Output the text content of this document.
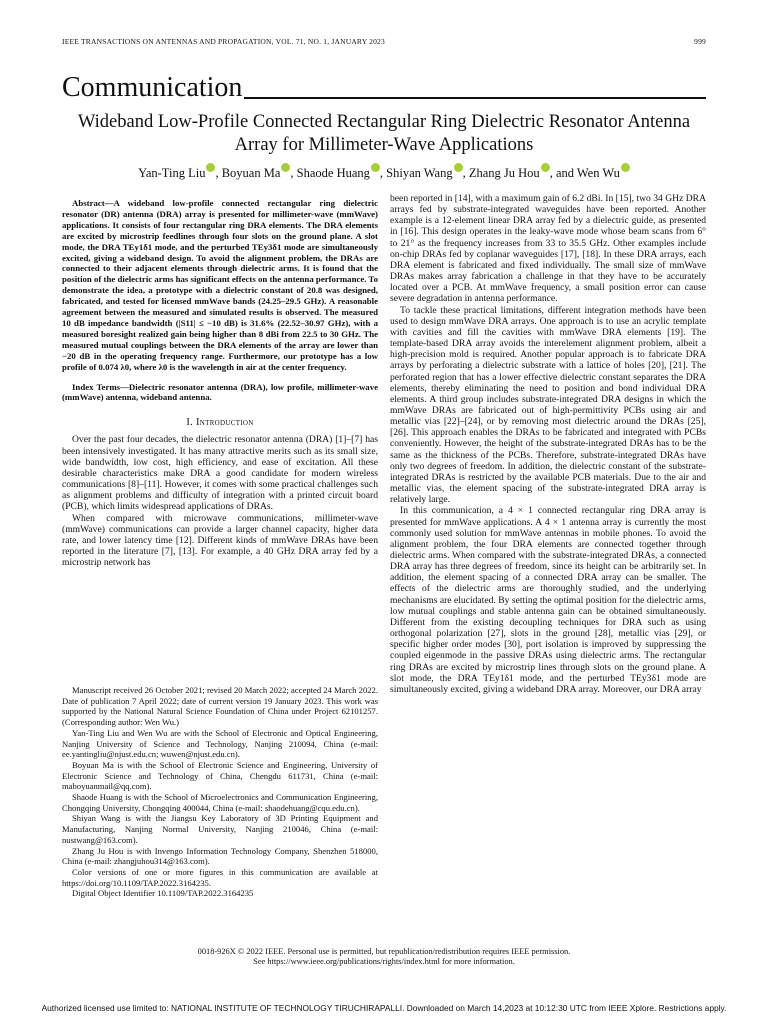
IEEE TRANSACTIONS ON ANTENNAS AND PROPAGATION, VOL. 71, NO. 1, JANUARY 2023	999
Communication
Wideband Low-Profile Connected Rectangular Ring Dielectric Resonator Antenna Array for Millimeter-Wave Applications
Yan-Ting Liu , Boyuan Ma , Shaode Huang , Shiyan Wang , Zhang Ju Hou , and Wen Wu

Abstract—A wideband low-profile connected rectangular ring dielectric resonator (DR) antenna (DRA) array is presented for millimeter-wave (mmWave) applications. It consists of four rectangular ring DRA elements. The DRA elements are excited by microstrip feedlines through four slots on the ground plane. A slot mode, the DRA TEy1δ1 mode, and the perturbed TEy3δ1 mode are simultaneously excited, giving a wideband design. To avoid the alignment problem, the DRAs are connected to their adjacent elements through dielectric arms. It is found that the position of the dielectric arms has significant effects on the antenna performance. To demonstrate the idea, a prototype with a dielectric constant of 20.8 was designed, fabricated, and tested for licensed mmWave bands (24.25–29.5 GHz). A reasonable agreement between the measured and simulated results is observed. The measured 10 dB impedance bandwidth (|S11| ≤ −10 dB) is 31.6% (22.52–30.97 GHz), with a measured boresight realized gain being higher than 8 dBi from 22.5 to 30 GHz. The measured mutual couplings between the DRA elements of the array are lower than −20 dB in the operating frequency range. Furthermore, our prototype has a low profile of 0.074 λ0, where λ0 is the wavelength in air at the center frequency.

Index Terms—Dielectric resonator antenna (DRA), low profile, millimeter-wave (mmWave) antenna, wideband antenna.

I. Introduction

Over the past four decades, the dielectric resonator antenna (DRA) [1]–[7] has been intensively investigated. It has many attractive merits such as its small size, wide bandwidth, low cost, high efficiency, and ease of excitation. All these desirable characteristics make DRA a good candidate for modern wireless communications [8]–[11]. However, it comes with some practical challenges such as alignment problems and difficulty of integration with a printed circuit board (PCB), which limits widespread applications of DRAs.

When compared with microwave communications, millimeter-wave (mmWave) communications can provide a larger channel capacity, higher data rate, and lower latency time [12]. Different kinds of mmWave DRAs have been reported in the literature [7], [13]. For example, a 40 GHz DRA array fed by a microstrip network has

Manuscript received 26 October 2021; revised 20 March 2022; accepted 24 March 2022. Date of publication 7 April 2022; date of current version 19 January 2023. This work was supported by the National Natural Science Foundation of China under Project 62101257. (Corresponding author: Wen Wu.)

Yan-Ting Liu and Wen Wu are with the School of Electronic and Optical Engineering, Nanjing University of Science and Technology, Nanjing 210094, China (e-mail: ee.yantingliu@njust.edu.cn; wuwen@njust.edu.cn).

Boyuan Ma is with the School of Electronic Science and Engineering, University of Electronic Science and Technology of China, Chengdu 611731, China (e-mail: maboyuanmail@qq.com).

Shaode Huang is with the School of Microelectronics and Communication Engineering, Chongqing University, Chongqing 400044, China (e-mail: shaodehuang@cqu.edu.cn).

Shiyan Wang is with the Jiangsu Key Laboratory of 3D Printing Equipment and Manufacturing, Nanjing Normal University, Nanjing 210046, China (e-mail: nustwang@163.com).

Zhang Ju Hou is with Invengo Information Technology Company, Shenzhen 518000, China (e-mail: zhangjuhou314@163.com).

Color versions of one or more figures in this communication are available at https://doi.org/10.1109/TAP.2022.3164235.

Digital Object Identifier 10.1109/TAP.2022.3164235

been reported in [14], with a maximum gain of 6.2 dBi. In [15], two 34 GHz DRA arrays fed by substrate-integrated waveguides have been reported. Another example is a 12-element linear DRA array fed by a dielectric guide, as presented in [16]. This design operates in the leaky-wave mode whose beam scans from 6° to 21° as the frequency increases from 33 to 35.5 GHz. Other examples include on-chip DRAs fed by coplanar waveguides [17], [18]. In these DRA arrays, each DRA element is fabricated and fixed individually. The small size of mmWave DRAs makes array fabrication a challenge in that they have to be accurately located over a PCB. At mmWave frequency, a small position error can cause severe degradation in antenna performance.

To tackle these practical limitations, different integration methods have been used to design mmWave DRA arrays. One approach is to use an acrylic template with cavities and fill the cavities with mmWave DRA elements [19]. The template-based DRA array avoids the interelement alignment problem, albeit a high-precision mold is required. Another popular approach is to fabricate DRA arrays by perforating a dielectric substrate with a lattice of holes [20], [21]. The perforated region that has a lower effective dielectric constant separates the DRA elements, thereby eliminating the need to position and bond individual DRA elements. A third group includes substrate-integrated DRA designs in which the mmWave DRAs are fabricated out of high-permittivity PCBs using air and metallic vias [22]–[24], or by removing most dielectric around the DRAs [25], [26]. This approach enables the DRAs to be fabricated and integrated with PCBs conveniently. However, the height of the substrate-integrated DRAs has to be the same as the thickness of the PCBs. Therefore, substrate-integrated DRAs have only two degrees of freedom. In addition, the dielectric constant of the substrate-integrated DRAs is restricted by the available PCB materials. Due to the air and metallic vias, the element spacing of the substrate-integrated DRA array is relatively large.

In this communication, a 4 × 1 connected rectangular ring DRA array is presented for mmWave applications. A 4 × 1 antenna array is currently the most commonly used solution for mmWave antennas in mobile phones. To avoid the alignment problem, the four DRA elements are connected together through dielectric arms. When compared with the substrate-integrated DRAs, a connected DRA array has three degrees of freedom, since its height can be arbitrarily set. In addition, the element spacing of a connected DRA array can be smaller. The effects of the dielectric arms are thoroughly studied, and the underlying mechanisms are elucidated. By setting the optimal position for the dielectric arms, low mutual couplings and stable antenna gain can be obtained simultaneously. Different from the existing decoupling techniques for DRA such as using orthogonal polarization [27], slots in the ground [28], metallic vias [29], or specific higher order modes [30], port isolation is improved by suppressing the coupled eigenmode in the passive DRAs using dielectric arms. The rectangular ring DRAs are excited by microstrip lines through slots on the ground plane. A slot mode, the DRA TEy1δ1 mode, and the perturbed TEy3δ1 mode are simultaneously excited, giving a wideband DRA array. Moreover, our DRA array

0018-926X © 2022 IEEE. Personal use is permitted, but republication/redistribution requires IEEE permission.
See https://www.ieee.org/publications/rights/index.html for more information.
Authorized licensed use limited to: NATIONAL INSTITUTE OF TECHNOLOGY TIRUCHIRAPALLI. Downloaded on March 14,2023 at 10:12:30 UTC from IEEE Xplore. Restrictions apply.
